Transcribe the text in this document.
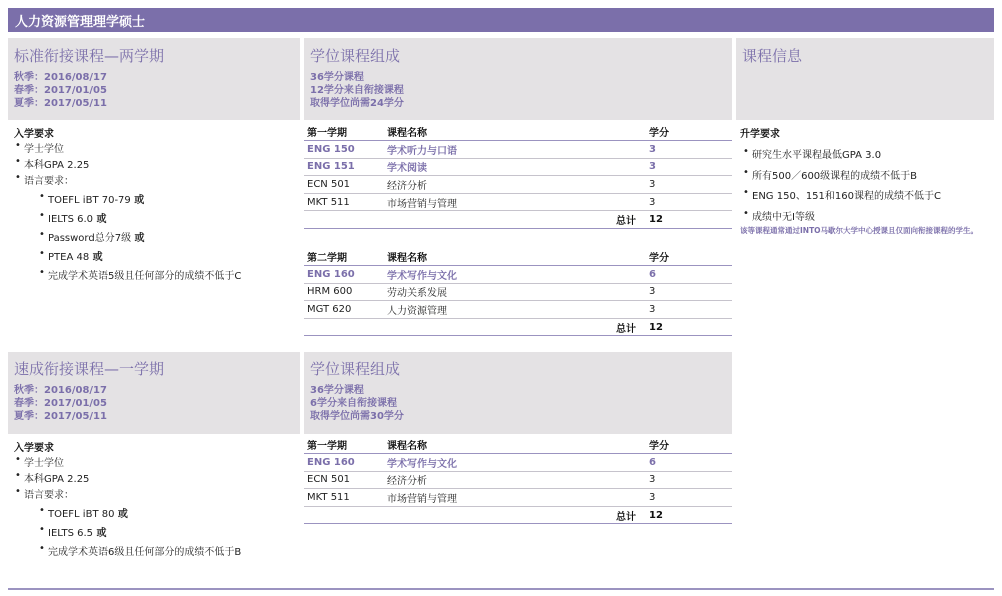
人力资源管理理学硕士
标准衔接课程—两学期
秋季：2016/08/17
春季：2017/01/05
夏季：2017/05/11
学位课程组成
36学分课程
12学分来自衔接课程
取得学位尚需24学分
课程信息
入学要求
• 学士学位
• 本科GPA 2.25
• 语言要求：
• TOEFL iBT 70-79 或
• IELTS 6.0 或
• Password总分7级 或
• PTEA 48 或
• 完成学术英语5级且任何部分的成绩不低于C
第一学期	课程名称	学分
ENG 150	学术听力与口语	3
ENG 151	学术阅读	3
ECN 501	经济分析	3
MKT 511	市场营销与管理	3
总计		12
第二学期	课程名称	学分
ENG 160	学术写作与文化	6
HRM 600	劳动关系发展	3
MGT 620	人力资源管理	3
总计		12
升学要求
• 研究生水平课程最低GPA 3.0
• 所有500／600级课程的成绩不低于B
• ENG 150、151和160课程的成绩不低于C
• 成绩中无I等级
该等课程通常通过INTO马歇尔大学中心授课且仅面向衔接课程的学生。
速成衔接课程—一学期
秋季：2016/08/17
春季：2017/01/05
夏季：2017/05/11
学位课程组成
36学分课程
6学分来自衔接课程
取得学位尚需30学分
入学要求
• 学士学位
• 本科GPA 2.25
• 语言要求：
• TOEFL iBT 80 或
• IELTS 6.5 或
• 完成学术英语6级且任何部分的成绩不低于B
第一学期	课程名称	学分
ENG 160	学术写作与文化	6
ECN 501	经济分析	3
MKT 511	市场营销与管理	3
总计		12
